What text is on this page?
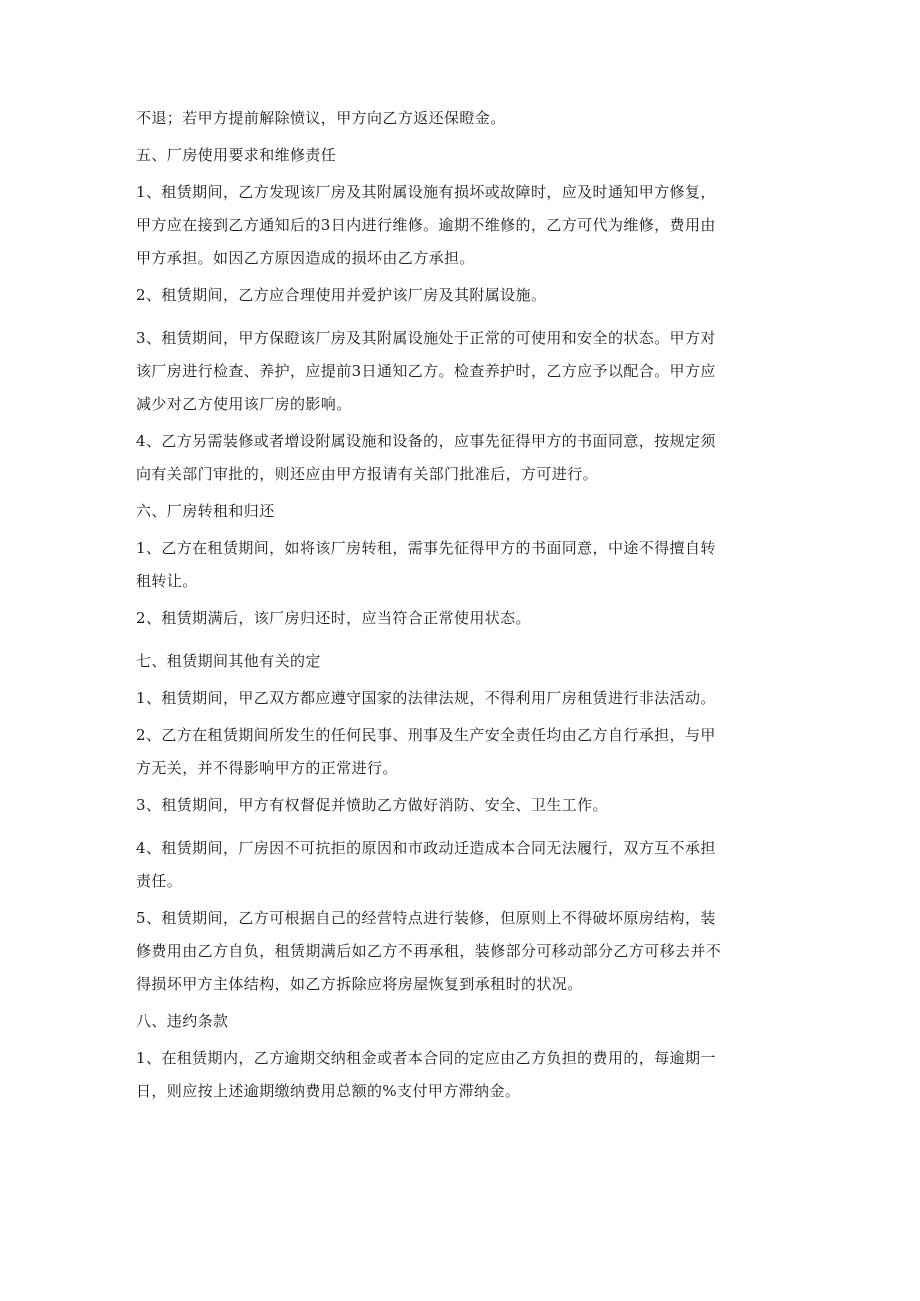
不退；若甲方提前解除愤议，甲方向乙方返还保瞪金。
五、厂房使用要求和维修责任
1、租赁期间，乙方发现该厂房及其附属设施有损坏或故障时，应及时通知甲方修复，
甲方应在接到乙方通知后的3日内进行维修。逾期不维修的，乙方可代为维修，费用由
甲方承担。如因乙方原因造成的损坏由乙方承担。
2、租赁期间，乙方应合理使用并爱护该厂房及其附属设施。
3、租赁期间，甲方保瞪该厂房及其附属设施处于正常的可使用和安全的状态。甲方对
该厂房进行检查、养护，应提前3日通知乙方。检查养护时，乙方应予以配合。甲方应
减少对乙方使用该厂房的影响。
4、乙方另需装修或者增设附属设施和设备的，应事先征得甲方的书面同意，按规定须
向有关部门审批的，则还应由甲方报请有关部门批准后，方可进行。
六、厂房转租和归还
1、乙方在租赁期间，如将该厂房转租，需事先征得甲方的书面同意，中途不得擅自转
租转让。
2、租赁期满后，该厂房归还时，应当符合正常使用状态。
七、租赁期间其他有关的定
1、租赁期间，甲乙双方都应遵守国家的法律法规，不得利用厂房租赁进行非法活动。
2、乙方在租赁期间所发生的任何民事、刑事及生产安全责任均由乙方自行承担，与甲
方无关，并不得影响甲方的正常进行。
3、租赁期间，甲方有权督促并愤助乙方做好消防、安全、卫生工作。
4、租赁期间，厂房因不可抗拒的原因和市政动迁造成本合同无法履行，双方互不承担
责任。
5、租赁期间，乙方可根据自己的经营特点进行装修，但原则上不得破坏原房结构，装
修费用由乙方自负，租赁期满后如乙方不再承租，装修部分可移动部分乙方可移去并不
得损坏甲方主体结构，如乙方拆除应将房屋恢复到承租时的状况。
八、违约条款
1、在租赁期内，乙方逾期交纳租金或者本合同的定应由乙方负担的费用的，每逾期一
日，则应按上述逾期缴纳费用总额的%支付甲方滞纳金。
